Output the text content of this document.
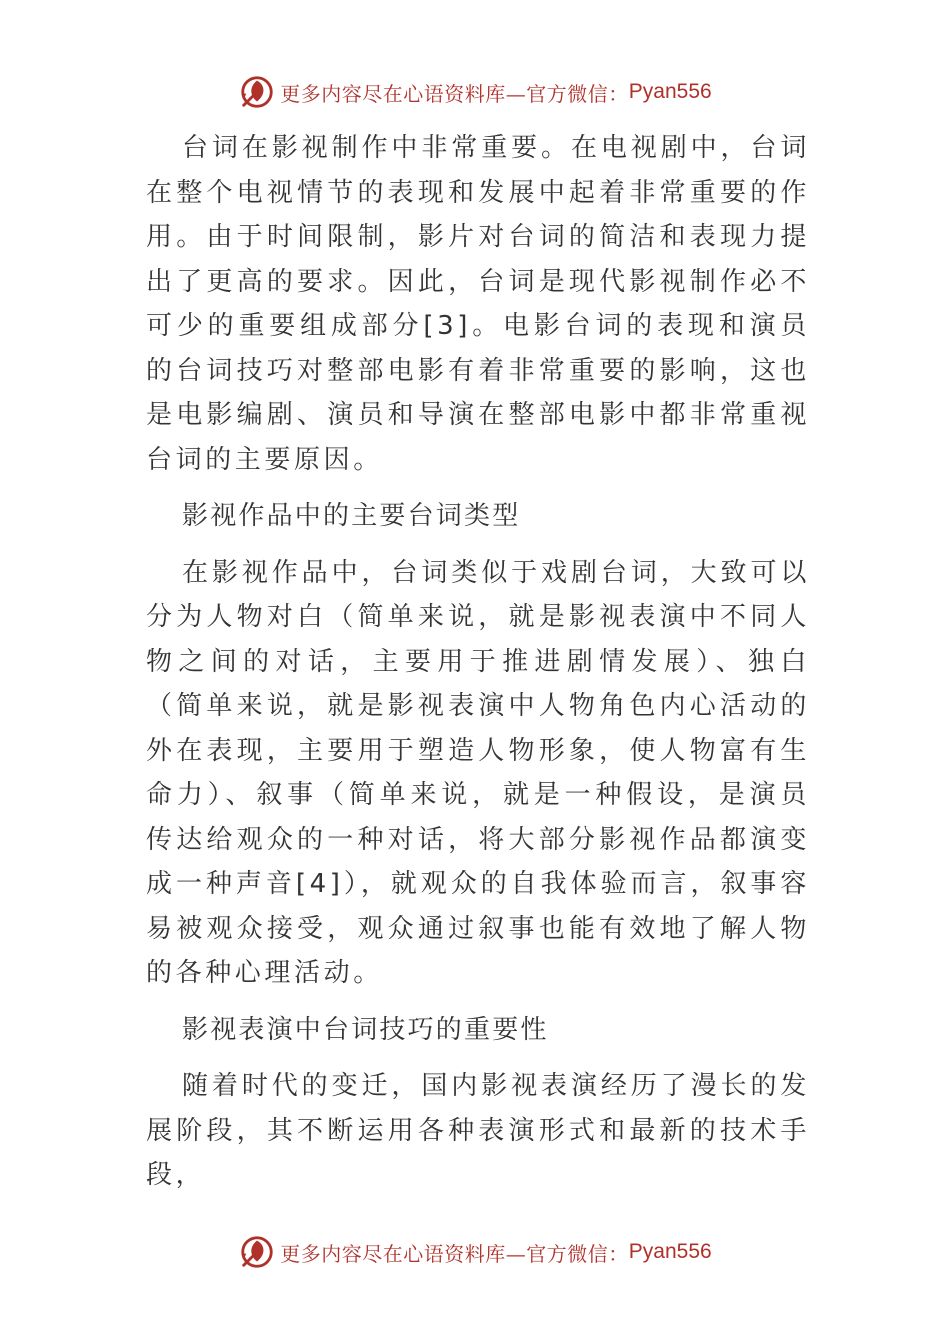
更多内容尽在心语资料库—官方微信： Pyan556

台词在影视制作中非常重要。在电视剧中，台词在整个电视情节的表现和发展中起着非常重要的作用。由于时间限制，影片对台词的简洁和表现力提出了更高的要求。因此，台词是现代影视制作必不可少的重要组成部分[3]。电影台词的表现和演员的台词技巧对整部电影有着非常重要的影响，这也是电影编剧、演员和导演在整部电影中都非常重视台词的主要原因。

影视作品中的主要台词类型

在影视作品中，台词类似于戏剧台词，大致可以分为人物对白（简单来说，就是影视表演中不同人物之间的对话，主要用于推进剧情发展）、独白（简单来说，就是影视表演中人物角色内心活动的外在表现，主要用于塑造人物形象，使人物富有生命力）、叙事（简单来说，就是一种假设，是演员传达给观众的一种对话，将大部分影视作品都演变成一种声音[4]），就观众的自我体验而言，叙事容易被观众接受，观众通过叙事也能有效地了解人物的各种心理活动。

影视表演中台词技巧的重要性

随着时代的变迁，国内影视表演经历了漫长的发展阶段，其不断运用各种表演形式和最新的技术手段，

更多内容尽在心语资料库—官方微信： Pyan556
